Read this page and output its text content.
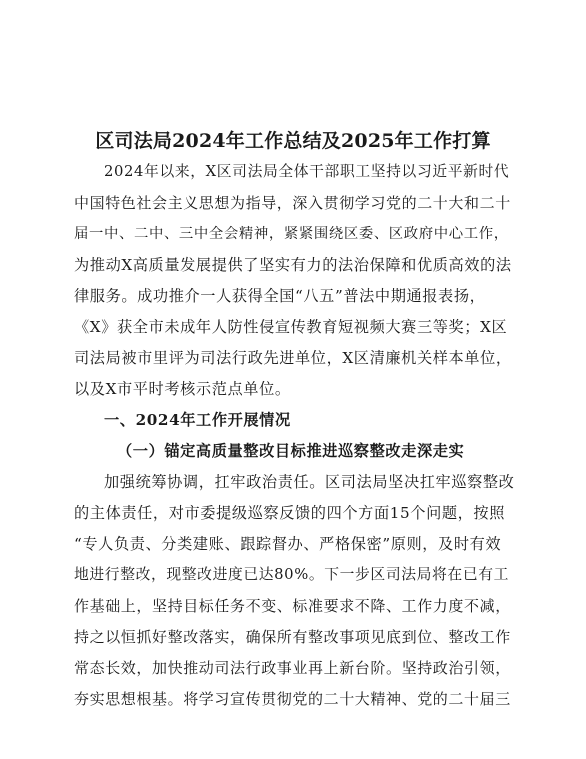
区司法局2024年工作总结及2025年工作打算
2024年以来，X区司法局全体干部职工坚持以习近平新时代
中国特色社会主义思想为指导，深入贯彻学习党的二十大和二十
届一中、二中、三中全会精神，紧紧围绕区委、区政府中心工作，
为推动X高质量发展提供了坚实有力的法治保障和优质高效的法
律服务。成功推介一人获得全国“八五”普法中期通报表扬，
《X》获全市未成年人防性侵宣传教育短视频大赛三等奖；X区
司法局被市里评为司法行政先进单位，X区清廉机关样本单位，
以及X市平时考核示范点单位。
一、2024年工作开展情况
（一）锚定高质量整改目标推进巡察整改走深走实
加强统筹协调，扛牢政治责任。区司法局坚决扛牢巡察整改
的主体责任，对市委提级巡察反馈的四个方面15个问题，按照
“专人负责、分类建账、跟踪督办、严格保密”原则，及时有效
地进行整改，现整改进度已达80%。下一步区司法局将在已有工
作基础上，坚持目标任务不变、标准要求不降、工作力度不减，
持之以恒抓好整改落实，确保所有整改事项见底到位、整改工作
常态长效，加快推动司法行政事业再上新台阶。坚持政治引领，
夯实思想根基。将学习宣传贯彻党的二十大精神、党的二十届三
